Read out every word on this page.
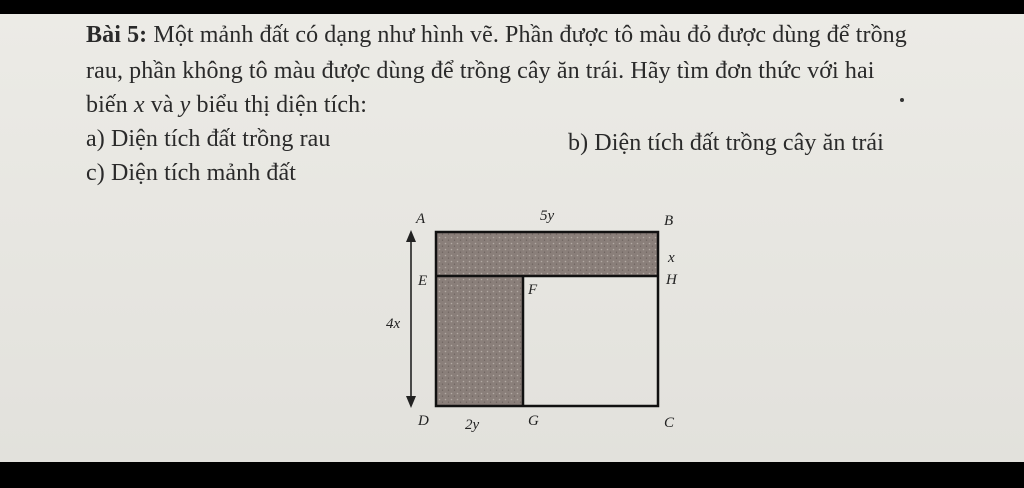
Bài 5: Một mảnh đất có dạng như hình vẽ. Phần được tô màu đỏ được dùng để trồng
rau, phần không tô màu được dùng để trồng cây ăn trái. Hãy tìm đơn thức với hai
biến x và y biểu thị diện tích:
a) Diện tích đất trồng rau	b) Diện tích đất trồng cây ăn trái
c) Diện tích mảnh đất
A	5y	B
x
E	H
F
4x
D 2y	G	C
